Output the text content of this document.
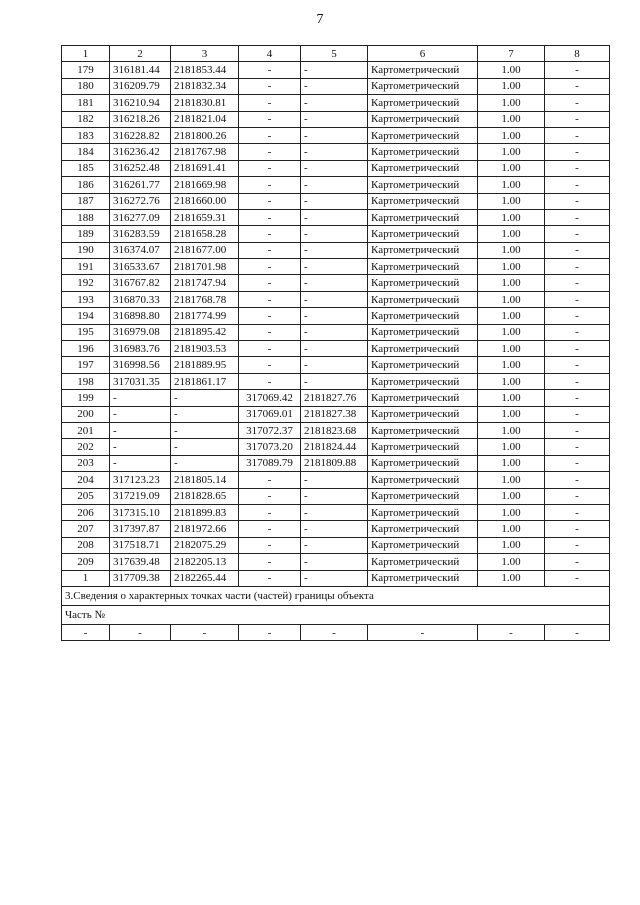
7
1	2	3	4	5	6	7	8
179	316181.44	2181853.44	-	-	Картометрический	1.00	-
180	316209.79	2181832.34	-	-	Картометрический	1.00	-
181	316210.94	2181830.81	-	-	Картометрический	1.00	-
182	316218.26	2181821.04	-	-	Картометрический	1.00	-
183	316228.82	2181800.26	-	-	Картометрический	1.00	-
184	316236.42	2181767.98	-	-	Картометрический	1.00	-
185	316252.48	2181691.41	-	-	Картометрический	1.00	-
186	316261.77	2181669.98	-	-	Картометрический	1.00	-
187	316272.76	2181660.00	-	-	Картометрический	1.00	-
188	316277.09	2181659.31	-	-	Картометрический	1.00	-
189	316283.59	2181658.28	-	-	Картометрический	1.00	-
190	316374.07	2181677.00	-	-	Картометрический	1.00	-
191	316533.67	2181701.98	-	-	Картометрический	1.00	-
192	316767.82	2181747.94	-	-	Картометрический	1.00	-
193	316870.33	2181768.78	-	-	Картометрический	1.00	-
194	316898.80	2181774.99	-	-	Картометрический	1.00	-
195	316979.08	2181895.42	-	-	Картометрический	1.00	-
196	316983.76	2181903.53	-	-	Картометрический	1.00	-
197	316998.56	2181889.95	-	-	Картометрический	1.00	-
198	317031.35	2181861.17	-	-	Картометрический	1.00	-
199	-	-	317069.42	2181827.76	Картометрический	1.00	-
200	-	-	317069.01	2181827.38	Картометрический	1.00	-
201	-	-	317072.37	2181823.68	Картометрический	1.00	-
202	-	-	317073.20	2181824.44	Картометрический	1.00	-
203	-	-	317089.79	2181809.88	Картометрический	1.00	-
204	317123.23	2181805.14	-	-	Картометрический	1.00	-
205	317219.09	2181828.65	-	-	Картометрический	1.00	-
206	317315.10	2181899.83	-	-	Картометрический	1.00	-
207	317397.87	2181972.66	-	-	Картометрический	1.00	-
208	317518.71	2182075.29	-	-	Картометрический	1.00	-
209	317639.48	2182205.13	-	-	Картометрический	1.00	-
1	317709.38	2182265.44	-	-	Картометрический	1.00	-
3.Сведения о характерных точках части (частей) границы объекта							
Часть №							
-	-	-	-	-	-	-	-
